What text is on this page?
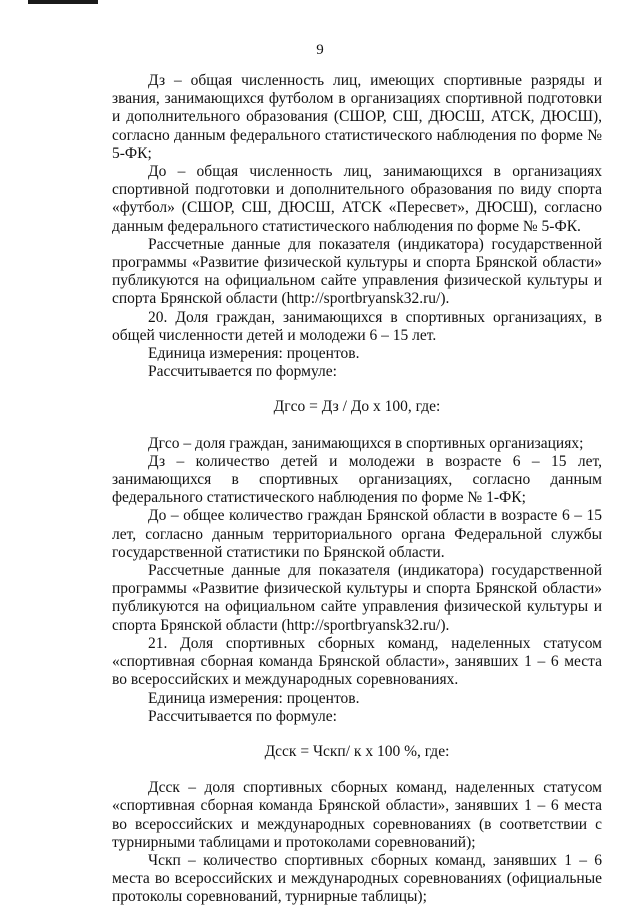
9

Дз – общая численность лиц, имеющих спортивные разряды и звания, занимающихся футболом в организациях спортивной подготовки и дополнительного образования (СШОР, СШ, ДЮСШ, АТСК, ДЮСШ), согласно данным федерального статистического наблюдения по форме № 5-ФК;

До – общая численность лиц, занимающихся в организациях спортивной подготовки и дополнительного образования по виду спорта «футбол» (СШОР, СШ, ДЮСШ, АТСК «Пересвет», ДЮСШ), согласно данным федерального статистического наблюдения по форме № 5-ФК.

Рассчетные данные для показателя (индикатора) государственной программы «Развитие физической культуры и спорта Брянской области» публикуются на официальном сайте управления физической культуры и спорта Брянской области (http://sportbryansk32.ru/).

20. Доля граждан, занимающихся в спортивных организациях, в общей численности детей и молодежи 6 – 15 лет.

Единица измерения: процентов.

Рассчитывается по формуле:

Дгсо = Дз / До x 100, где:

Дгсо – доля граждан, занимающихся в спортивных организациях;

Дз – количество детей и молодежи в возрасте 6 – 15 лет, занимающихся в спортивных организациях, согласно данным федерального статистического наблюдения по форме № 1-ФК;

До – общее количество граждан Брянской области в возрасте 6 – 15 лет, согласно данным территориального органа Федеральной службы государственной статистики по Брянской области.

Рассчетные данные для показателя (индикатора) государственной программы «Развитие физической культуры и спорта Брянской области» публикуются на официальном сайте управления физической культуры и спорта Брянской области (http://sportbryansk32.ru/).

21. Доля спортивных сборных команд, наделенных статусом «спортивная сборная команда Брянской области», занявших 1 – 6 места во всероссийских и международных соревнованиях.

Единица измерения: процентов.

Рассчитывается по формуле:

Дсск = Чскп/ к x 100 %, где:

Дсск – доля спортивных сборных команд, наделенных статусом «спортивная сборная команда Брянской области», занявших 1 – 6 места во всероссийских и международных соревнованиях (в соответствии с турнирными таблицами и протоколами соревнований);

Чскп – количество спортивных сборных команд, занявших 1 – 6 места во всероссийских и международных соревнованиях (официальные протоколы соревнований, турнирные таблицы);
